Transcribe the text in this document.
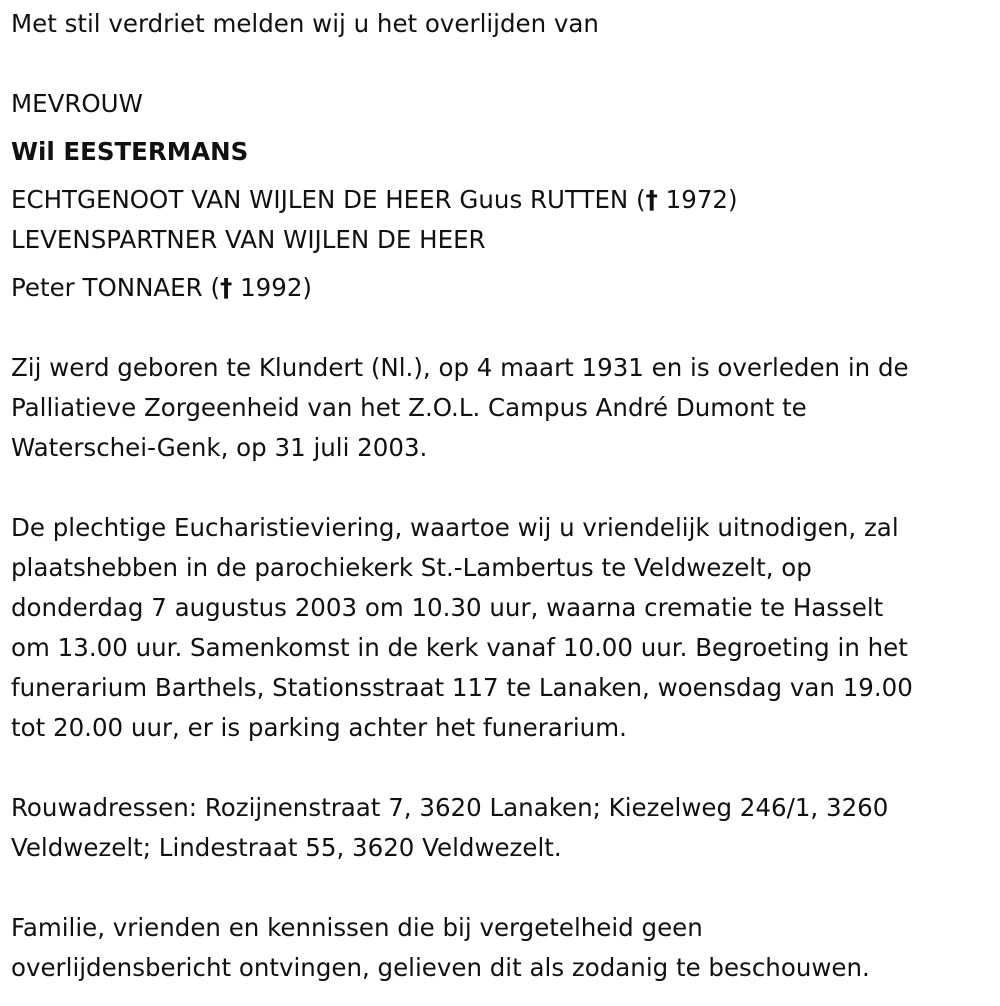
Met stil verdriet melden wij u het overlijden van

MEVROUW

Wil EESTERMANS

ECHTGENOOT VAN WIJLEN DE HEER Guus RUTTEN († 1972)

LEVENSPARTNER VAN WIJLEN DE HEER

Peter TONNAER († 1992)

Zij werd geboren te Klundert (Nl.), op 4 maart 1931 en is overleden in de

Palliatieve Zorgeenheid van het Z.O.L. Campus André Dumont te

Waterschei-Genk, op 31 juli 2003.

De plechtige Eucharistieviering, waartoe wij u vriendelijk uitnodigen, zal

plaatshebben in de parochiekerk St.-Lambertus te Veldwezelt, op

donderdag 7 augustus 2003 om 10.30 uur, waarna crematie te Hasselt

om 13.00 uur. Samenkomst in de kerk vanaf 10.00 uur. Begroeting in het

funerarium Barthels, Stationsstraat 117 te Lanaken, woensdag van 19.00

tot 20.00 uur, er is parking achter het funerarium.

Rouwadressen: Rozijnenstraat 7, 3620 Lanaken; Kiezelweg 246/1, 3260

Veldwezelt; Lindestraat 55, 3620 Veldwezelt.

Familie, vrienden en kennissen die bij vergetelheid geen

overlijdensbericht ontvingen, gelieven dit als zodanig te beschouwen.
